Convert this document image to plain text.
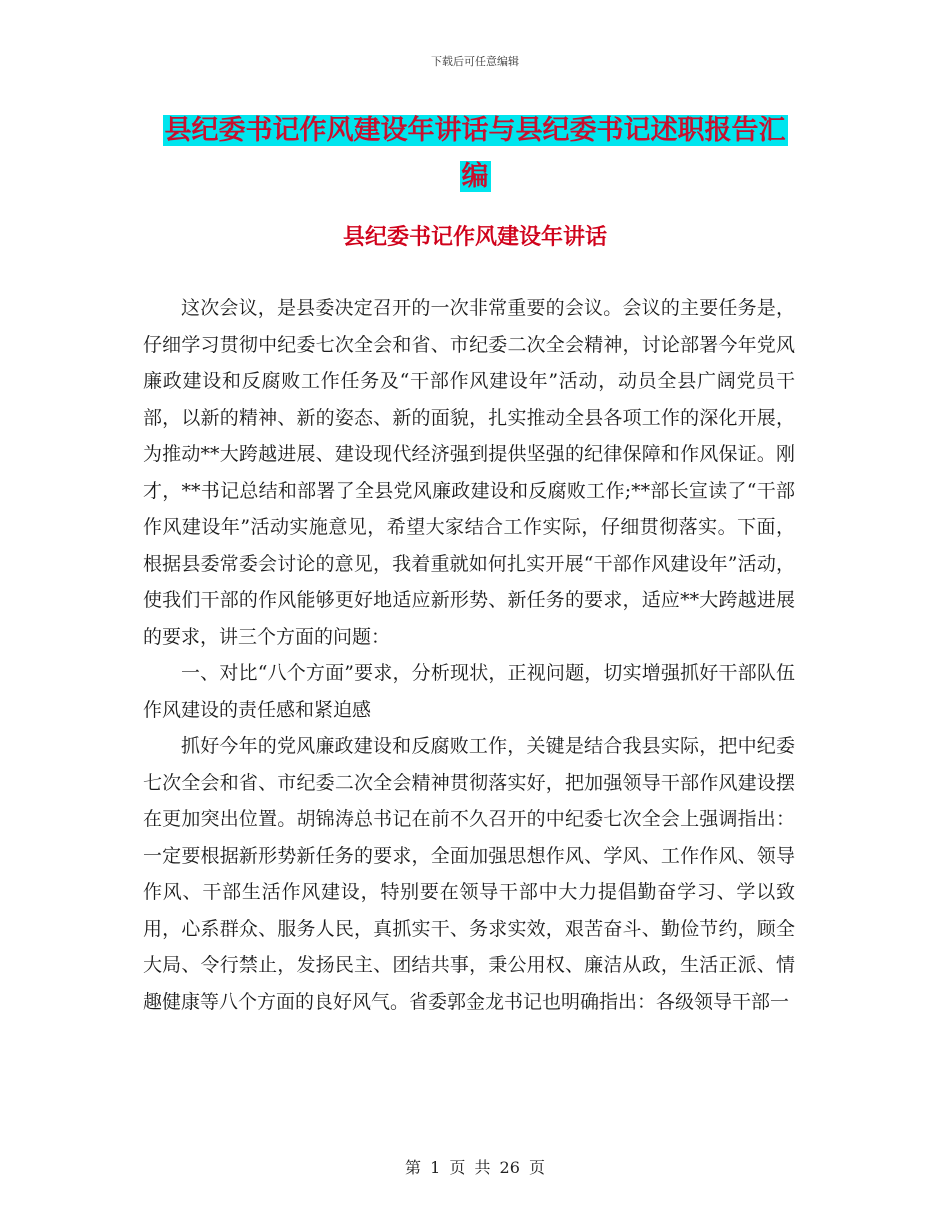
下载后可任意编辑
县纪委书记作风建设年讲话与县纪委书记述职报告汇
编
县纪委书记作风建设年讲话

这次会议，是县委决定召开的一次非常重要的会议。会议的主要任务是，仔细学习贯彻中纪委七次全会和省、市纪委二次全会精神，讨论部署今年党风廉政建设和反腐败工作任务及“干部作风建设年”活动，动员全县广阔党员干部，以新的精神、新的姿态、新的面貌，扎实推动全县各项工作的深化开展，为推动**大跨越进展、建设现代经济强到提供坚强的纪律保障和作风保证。刚才，**书记总结和部署了全县党风廉政建设和反腐败工作;**部长宣读了“干部作风建设年”活动实施意见，希望大家结合工作实际，仔细贯彻落实。下面，根据县委常委会讨论的意见，我着重就如何扎实开展“干部作风建设年”活动，使我们干部的作风能够更好地适应新形势、新任务的要求，适应**大跨越进展的要求，讲三个方面的问题：

一、对比“八个方面”要求，分析现状，正视问题，切实增强抓好干部队伍作风建设的责任感和紧迫感

抓好今年的党风廉政建设和反腐败工作，关键是结合我县实际，把中纪委七次全会和省、市纪委二次全会精神贯彻落实好，把加强领导干部作风建设摆在更加突出位置。胡锦涛总书记在前不久召开的中纪委七次全会上强调指出：一定要根据新形势新任务的要求，全面加强思想作风、学风、工作作风、领导作风、干部生活作风建设，特别要在领导干部中大力提倡勤奋学习、学以致用，心系群众、服务人民，真抓实干、务求实效，艰苦奋斗、勤俭节约，顾全大局、令行禁止，发扬民主、团结共事，秉公用权、廉洁从政，生活正派、情趣健康等八个方面的良好风气。省委郭金龙书记也明确指出：各级领导干部一

第 1 页 共 26 页
